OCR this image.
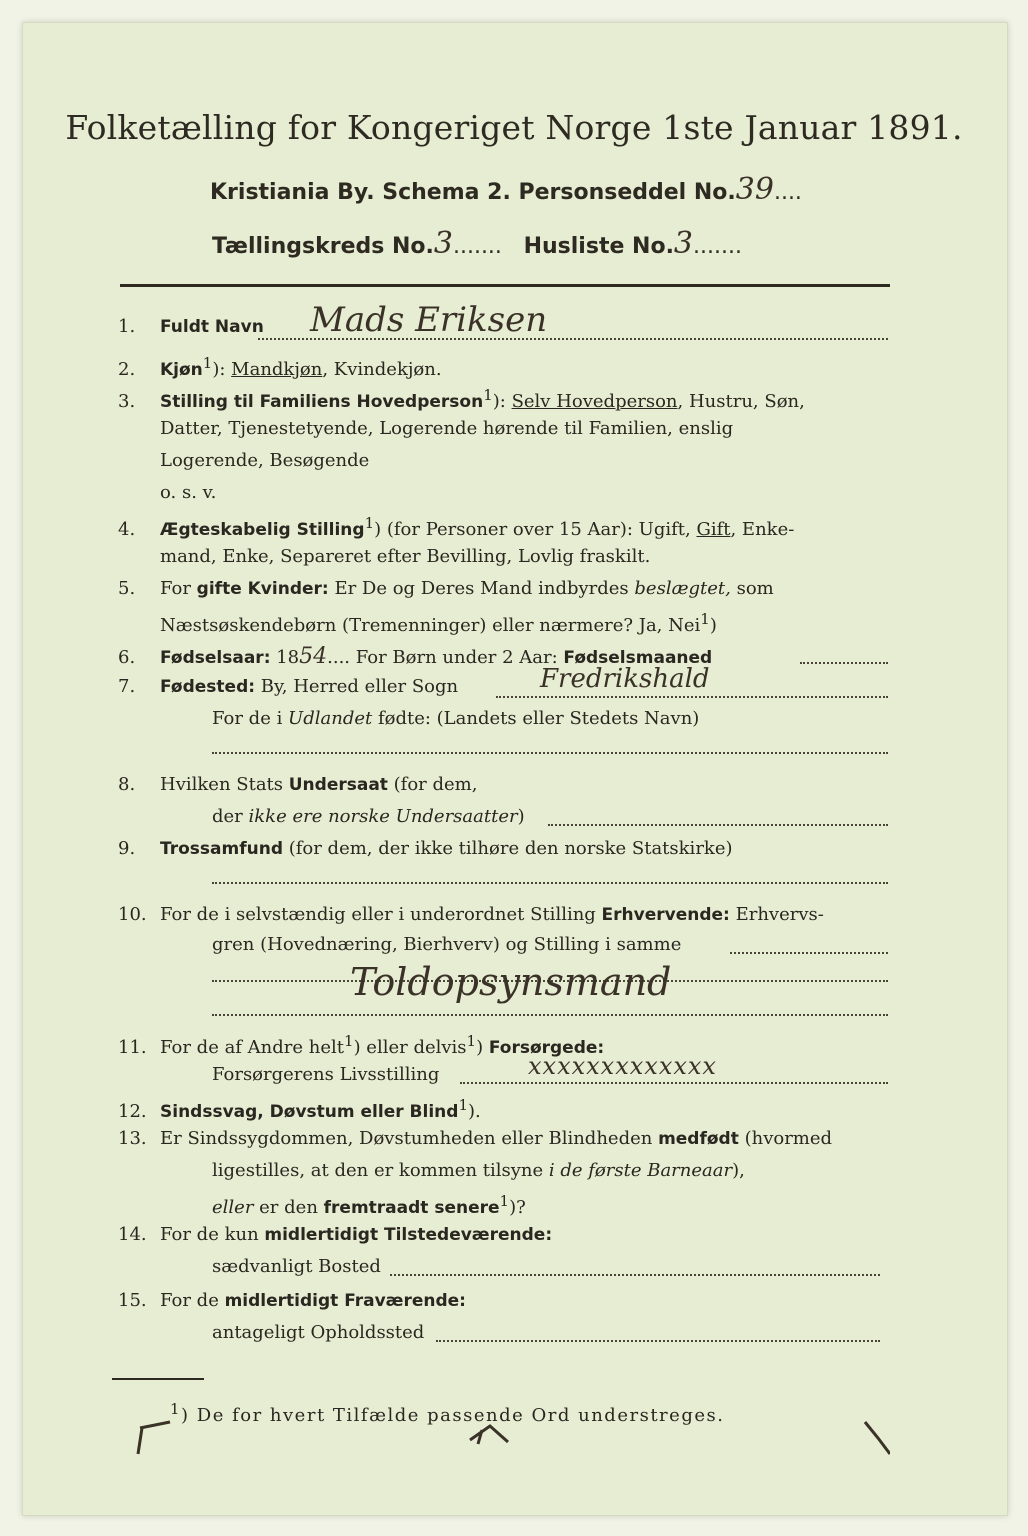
Folketælling for Kongeriget Norge 1ste Januar 1891.
Kristiania By. Schema 2. Personseddel No.39....
Tællingskreds No.3.......   Husliste No.3.......
1. Fuldt Navn Mads Eriksen
2. Kjøn$^1$): Mandkjøn, Kvindekjøn.
3. Stilling til Familiens Hovedperson$^1$): Selv Hovedperson, Hustru, Søn,
Datter, Tjenestetyende, Logerende hørende til Familien, enslig
Logerende, Besøgende
o. s. v.
4. Ægteskabelig Stilling$^1$) (for Personer over 15 Aar): Ugift, Gift, Enke-
mand, Enke, Separeret efter Bevilling, Lovlig fraskilt.
5. For gifte Kvinder: Er De og Deres Mand indbyrdes beslægtet, som
Næstsøskendebørn (Tremenninger) eller nærmere? Ja, Nei$^1$)
6. Fødselsaar: 1854.... For Børn under 2 Aar: Fødselsmaaned
7. Fødested: By, Herred eller Sogn	Fredrikshald
For de i Udlandet fødte: (Landets eller Stedets Navn)
8. Hvilken Stats Undersaat (for dem,
der ikke ere norske Undersaatter)
9. Trossamfund (for dem, der ikke tilhøre den norske Statskirke)
10. For de i selvstændig eller i underordnet Stilling Erhvervende: Erhvervs-
gren (Hovednæring, Bierhverv) og Stilling i samme
Toldopsynsmand
11. For de af Andre helt$^1$) eller delvis$^1$) Forsørgede:
Forsørgerens Livsstilling	xxxxxxxxxxxxx
12. Sindssvag, Døvstum eller Blind$^1$).
13. Er Sindssygdommen, Døvstumheden eller Blindheden medfødt (hvormed
ligestilles, at den er kommen tilsyne i de første Barneaar),
eller er den fremtraadt senere$^1$)?
14. For de kun midlertidigt Tilstedeværende:
sædvanligt Bosted
15. For de midlertidigt Fraværende:
antageligt Opholdssted
$^1$) De for hvert Tilfælde passende Ord understreges.
